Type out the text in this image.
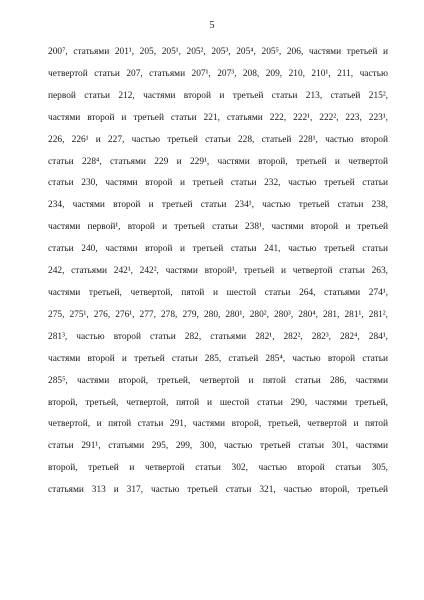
5
200⁷, статьями 201¹, 205, 205¹, 205², 205³, 205⁴, 205⁵, 206, частями третьей и
четвертой статьи 207, статьями 207¹, 207³, 208, 209, 210, 210¹, 211, частью
первой статьи 212, частями второй и третьей статьи 213, статьей 215²,
частями второй и третьей статьи 221, статьями 222, 222¹, 222², 223, 223¹,
226, 226¹ и 227, частью третьей статьи 228, статьей 228¹, частью второй
статьи 228⁴, статьями 229 и 229¹, частями второй, третьей и четвертой
статьи 230, частями второй и третьей статьи 232, частью третьей статьи
234, частями второй и третьей статьи 234¹, частью третьей статьи 238,
частями первой¹, второй и третьей статьи 238¹, частями второй и третьей
статьи 240, частями второй и третьей статьи 241, частью третьей статьи
242, статьями 242¹, 242², частями второй¹, третьей и четвертой статьи 263,
частями третьей, четвертой, пятой и шестой статьи 264, статьями 274¹,
275, 275¹, 276, 276¹, 277, 278, 279, 280, 280¹, 280², 280³, 280⁴, 281, 281¹, 281²,
281³, частью второй статьи 282, статьями 282¹, 282², 282³, 282⁴, 284¹,
частями второй и третьей статьи 285, статьей 285⁴, частью второй статьи
285⁵, частями второй, третьей, четвертой и пятой статьи 286, частями
второй, третьей, четвертой, пятой и шестой статьи 290, частями третьей,
четвертой, и пятой статьи 291, частями второй, третьей, четвертой и пятой
статьи 291¹, статьями 295, 299, 300, частью третьей статьи 301, частями
второй, третьей и четвертой статьи 302, частью второй статьи 305,
статьями 313 и 317, частью третьей статьи 321, частью второй, третьей
